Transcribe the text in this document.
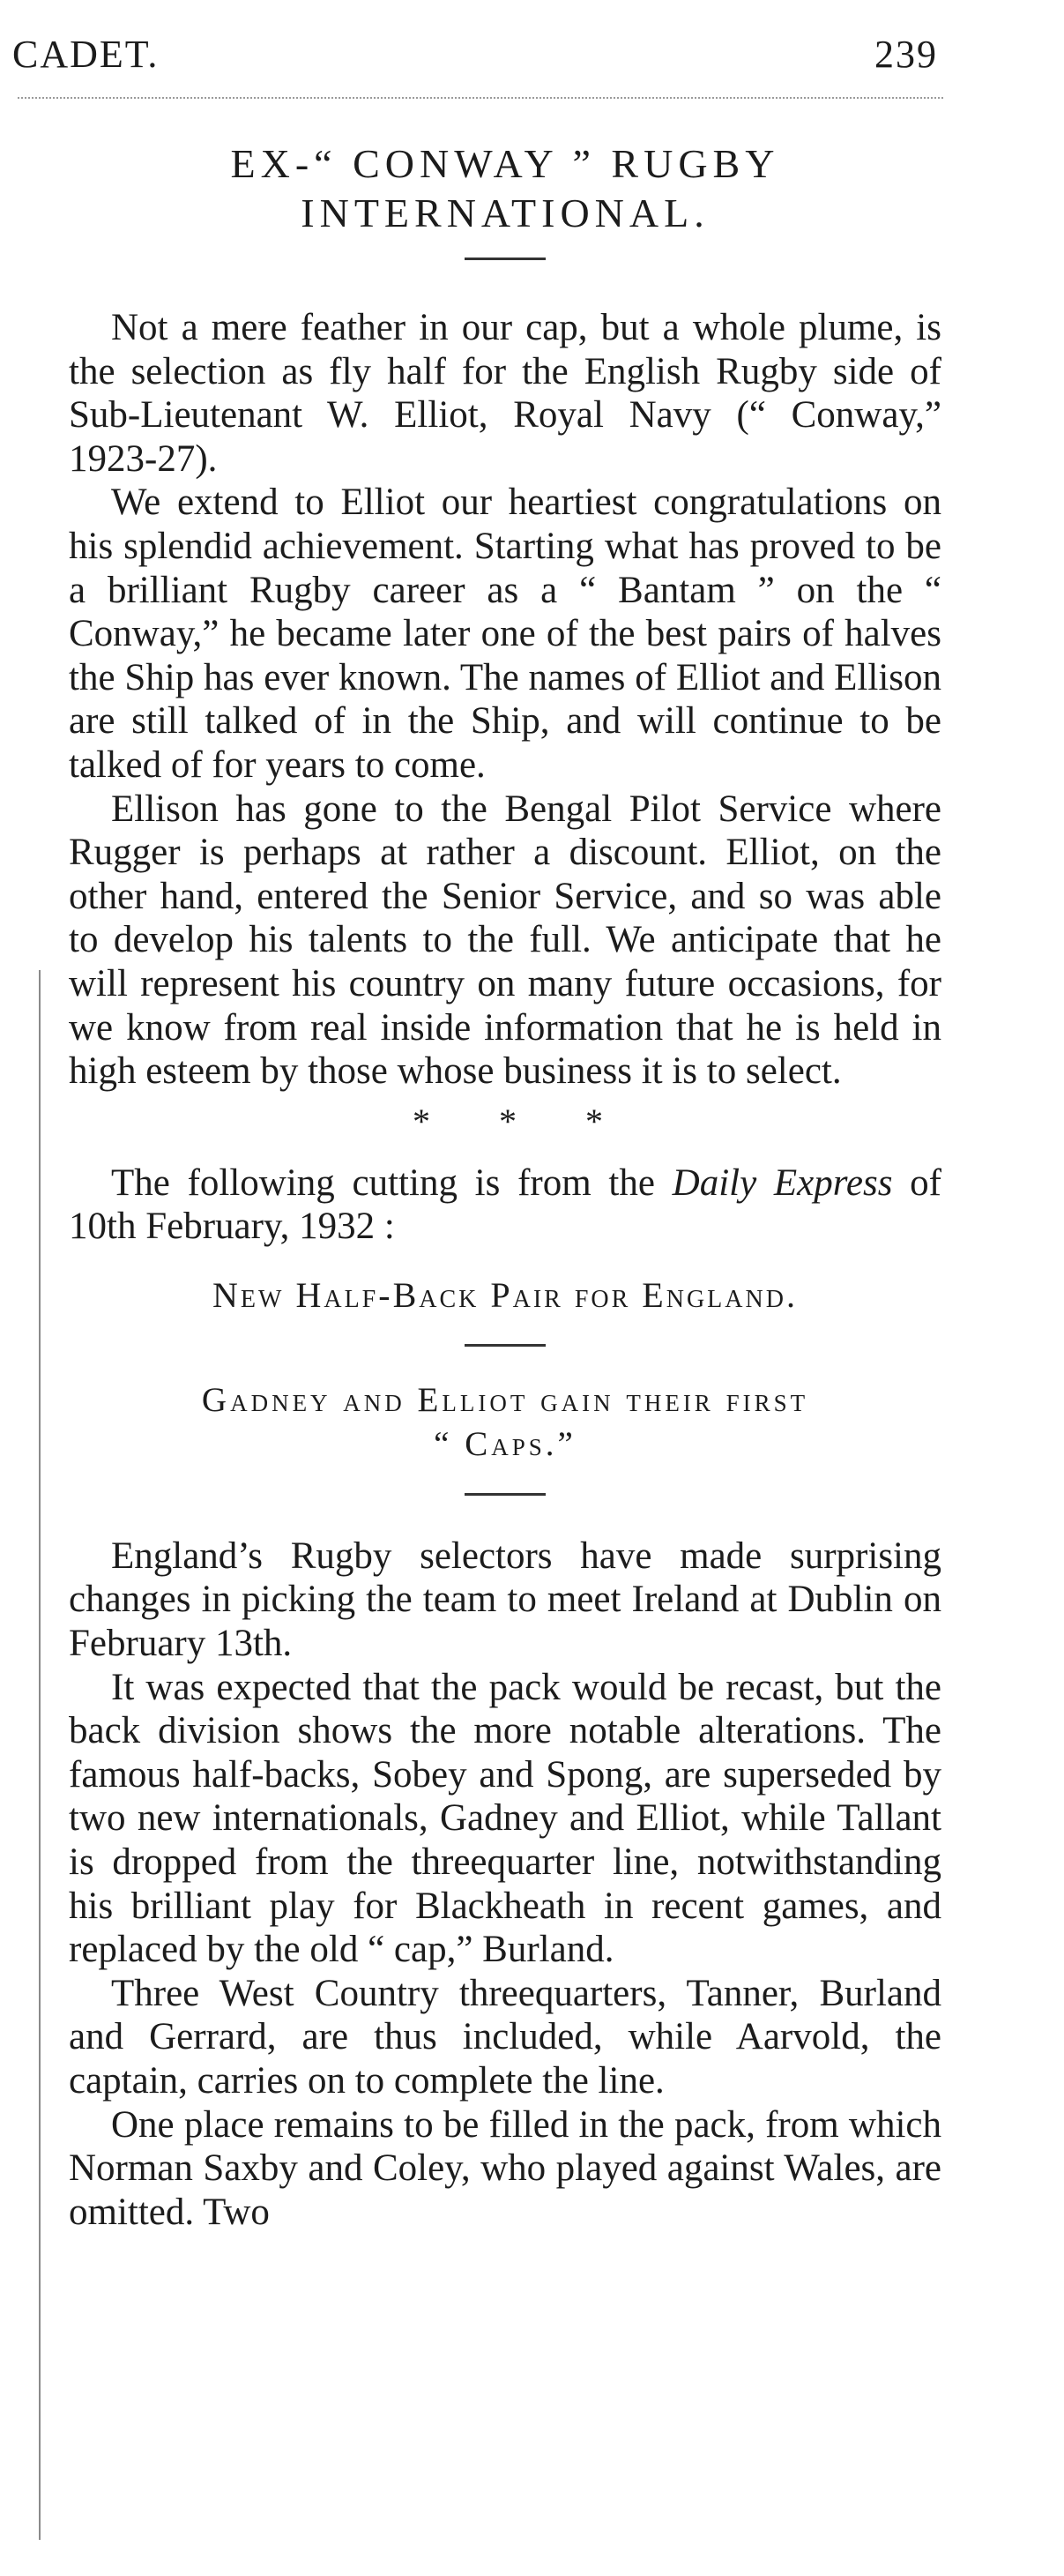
CADET.	239
EX-“ CONWAY ” RUGBY
INTERNATIONAL.

Not a mere feather in our cap, but a whole plume, is the selection as fly half for the English Rugby side of Sub-Lieutenant W. Elliot, Royal Navy (“ Conway,” 1923-27).

We extend to Elliot our heartiest congratulations on his splendid achievement. Starting what has proved to be a brilliant Rugby career as a “ Bantam ” on the “ Conway,” he became later one of the best pairs of halves the Ship has ever known. The names of Elliot and Ellison are still talked of in the Ship, and will continue to be talked of for years to come.

Ellison has gone to the Bengal Pilot Service where Rugger is perhaps at rather a discount. Elliot, on the other hand, entered the Senior Service, and so was able to develop his talents to the full. We anticipate that he will represent his country on many future occasions, for we know from real inside information that he is held in high esteem by those whose business it is to select.

* * *

The following cutting is from the Daily Express of 10th February, 1932 :

New Half-Back Pair for England.
Gadney and Elliot gain their first
“ Caps.”

England’s Rugby selectors have made surprising changes in picking the team to meet Ireland at Dublin on February 13th.

It was expected that the pack would be recast, but the back division shows the more notable alterations. The famous half-backs, Sobey and Spong, are superseded by two new internationals, Gadney and Elliot, while Tallant is dropped from the threequarter line, notwithstanding his brilliant play for Blackheath in recent games, and replaced by the old “ cap,” Burland.

Three West Country threequarters, Tanner, Burland and Gerrard, are thus included, while Aarvold, the captain, carries on to complete the line.

One place remains to be filled in the pack, from which Norman Saxby and Coley, who played against Wales, are omitted. Two
